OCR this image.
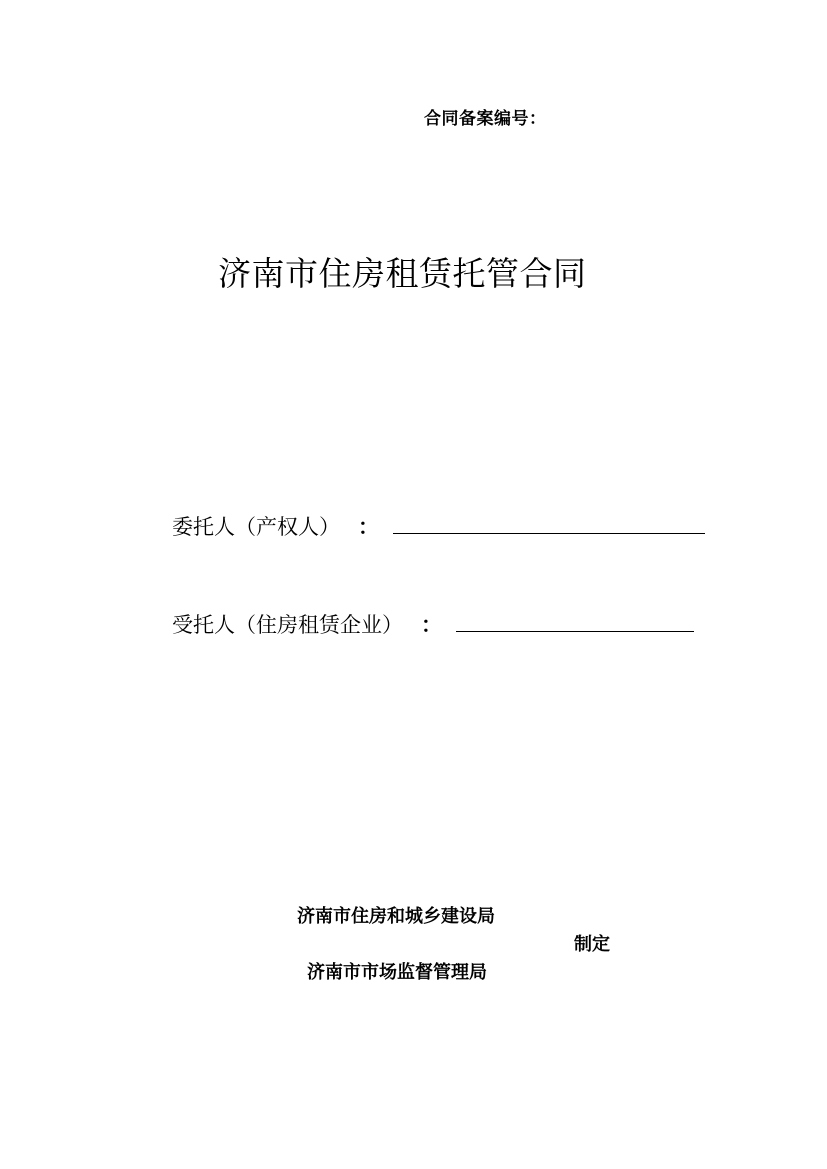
合同备案编号：
济南市住房租赁托管合同
委托人（产权人） ：
受托人（住房租赁企业） ：
济南市住房和城乡建设局
制定
济南市市场监督管理局
